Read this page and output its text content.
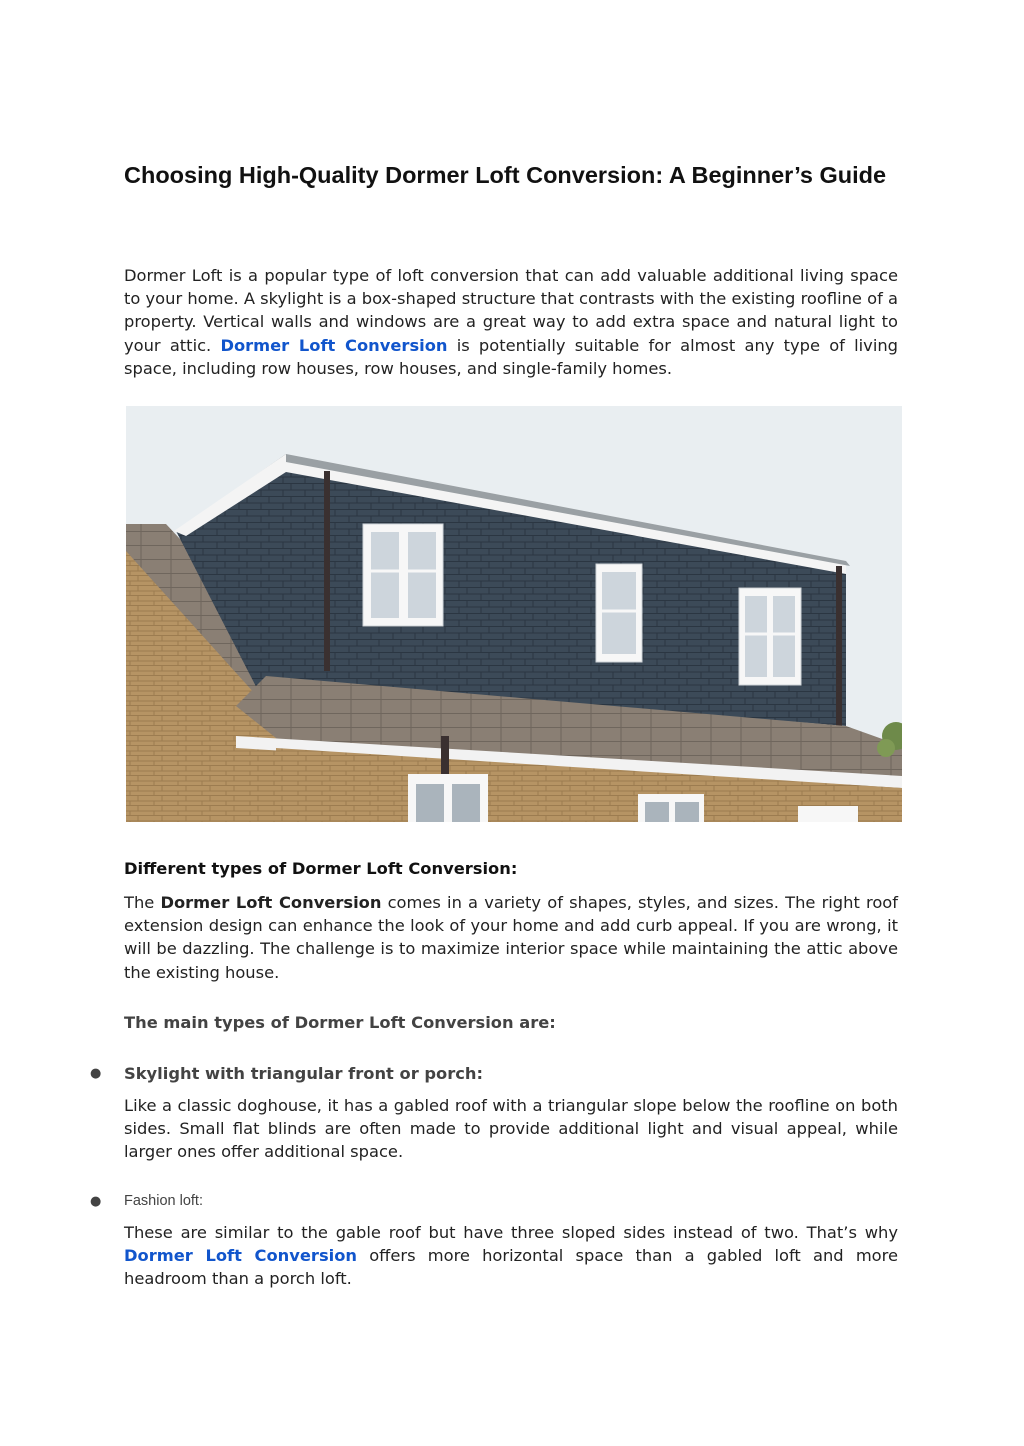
Choosing High-Quality Dormer Loft Conversion: A Beginner’s Guide

Dormer Loft is a popular type of loft conversion that can add valuable additional living space to your home. A skylight is a box-shaped structure that contrasts with the existing roofline of a property. Vertical walls and windows are a great way to add extra space and natural light to your attic. Dormer Loft Conversion is potentially suitable for almost any type of living space, including row houses, row houses, and single-family homes.

Different types of Dormer Loft Conversion:

The Dormer Loft Conversion comes in a variety of shapes, styles, and sizes. The right roof extension design can enhance the look of your home and add curb appeal. If you are wrong, it will be dazzling. The challenge is to maximize interior space while maintaining the attic above the existing house.

The main types of Dormer Loft Conversion are:

● Skylight with triangular front or porch:

Like a classic doghouse, it has a gabled roof with a triangular slope below the roofline on both sides. Small flat blinds are often made to provide additional light and visual appeal, while larger ones offer additional space.

● Fashion loft:

These are similar to the gable roof but have three sloped sides instead of two. That’s why Dormer Loft Conversion offers more horizontal space than a gabled loft and more headroom than a porch loft.
